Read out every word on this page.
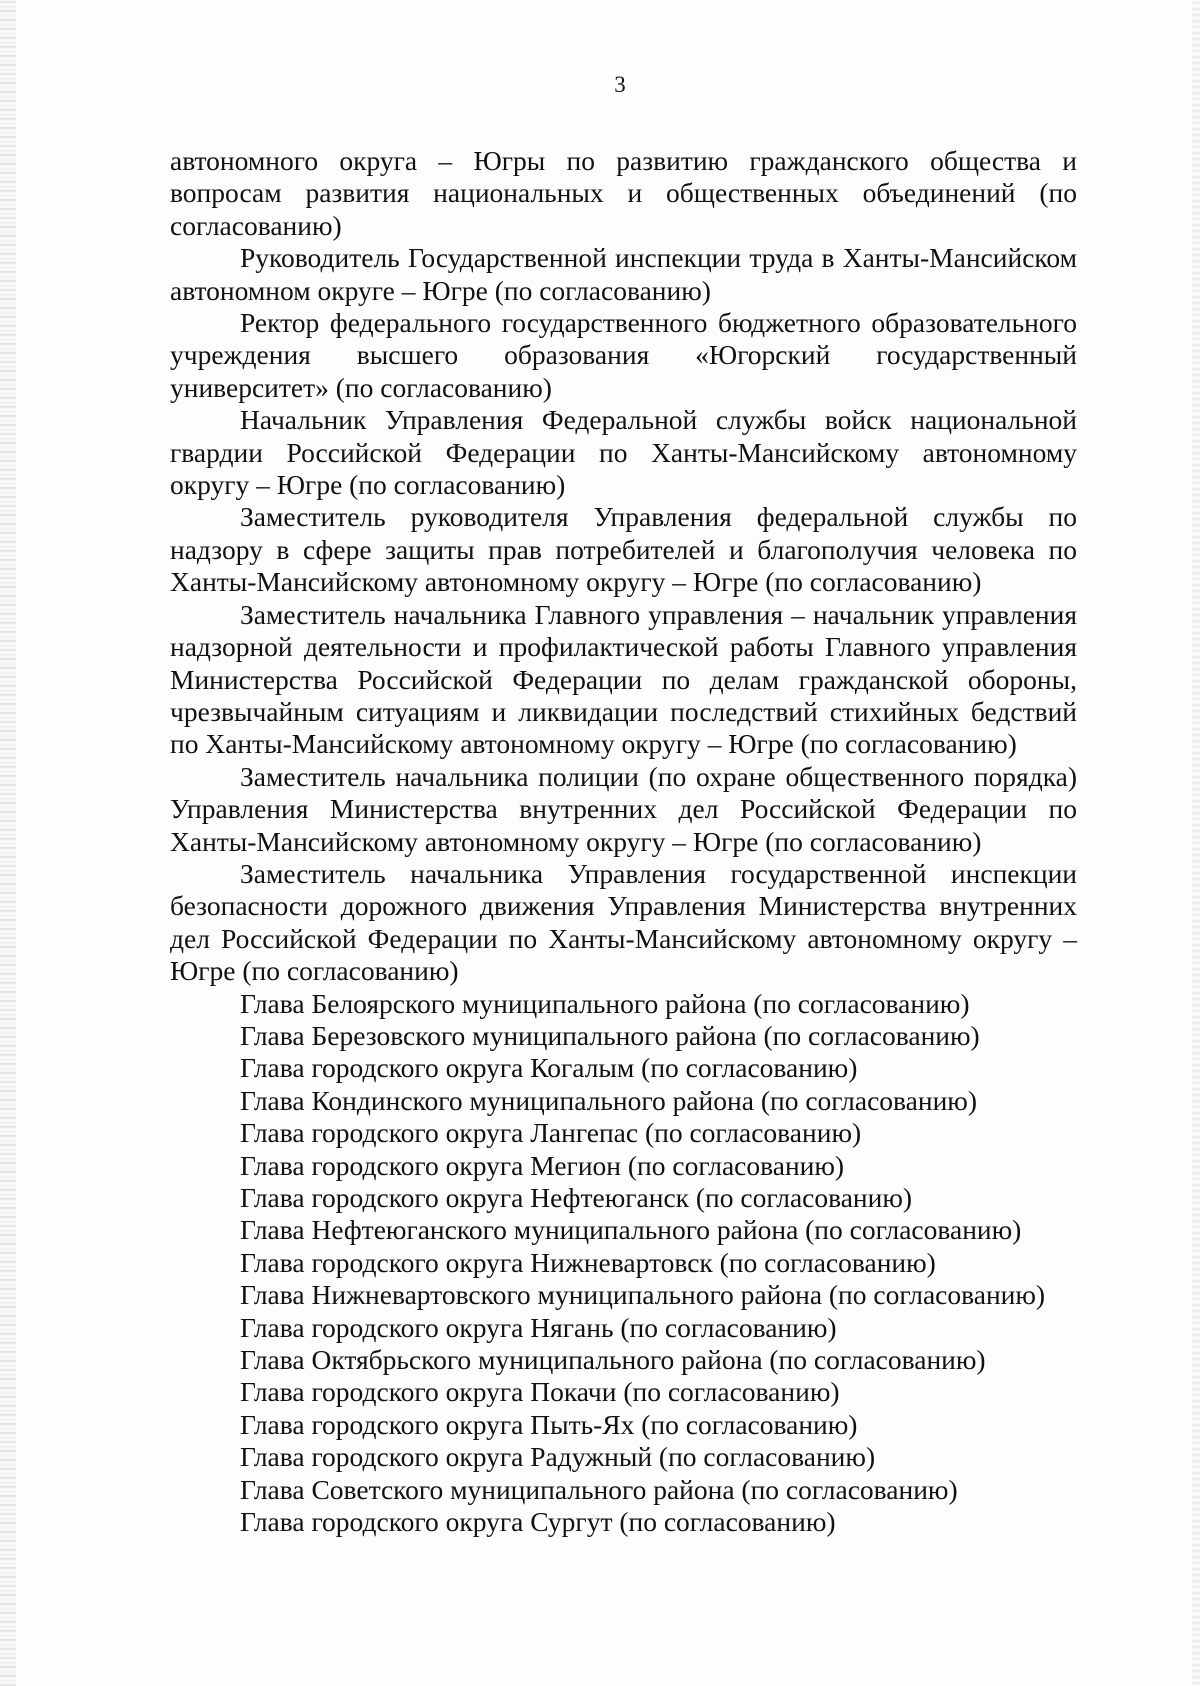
3

автономного округа – Югры по развитию гражданского общества и вопросам развития национальных и общественных объединений (по согласованию)

Руководитель Государственной инспекции труда в Ханты-Мансийском автономном округе – Югре (по согласованию)

Ректор федерального государственного бюджетного образовательного учреждения высшего образования «Югорский государственный университет» (по согласованию)

Начальник Управления Федеральной службы войск национальной гвардии Российской Федерации по Ханты-Мансийскому автономному округу – Югре (по согласованию)

Заместитель руководителя Управления федеральной службы по надзору в сфере защиты прав потребителей и благополучия человека по Ханты-Мансийскому автономному округу – Югре (по согласованию)

Заместитель начальника Главного управления – начальник управления надзорной деятельности и профилактической работы Главного управления Министерства Российской Федерации по делам гражданской обороны, чрезвычайным ситуациям и ликвидации последствий стихийных бедствий по Ханты-Мансийскому автономному округу – Югре (по согласованию)

Заместитель начальника полиции (по охране общественного порядка) Управления Министерства внутренних дел Российской Федерации по Ханты-Мансийскому автономному округу – Югре (по согласованию)

Заместитель начальника Управления государственной инспекции безопасности дорожного движения Управления Министерства внутренних дел Российской Федерации по Ханты-Мансийскому автономному округу – Югре (по согласованию)

Глава Белоярского муниципального района (по согласованию)

Глава Березовского муниципального района (по согласованию)

Глава городского округа Когалым (по согласованию)

Глава Кондинского муниципального района (по согласованию)

Глава городского округа Лангепас (по согласованию)

Глава городского округа Мегион (по согласованию)

Глава городского округа Нефтеюганск (по согласованию)

Глава Нефтеюганского муниципального района (по согласованию)

Глава городского округа Нижневартовск (по согласованию)

Глава Нижневартовского муниципального района (по согласованию)

Глава городского округа Нягань (по согласованию)

Глава Октябрьского муниципального района (по согласованию)

Глава городского округа Покачи (по согласованию)

Глава городского округа Пыть-Ях (по согласованию)

Глава городского округа Радужный (по согласованию)

Глава Советского муниципального района (по согласованию)

Глава городского округа Сургут (по согласованию)
